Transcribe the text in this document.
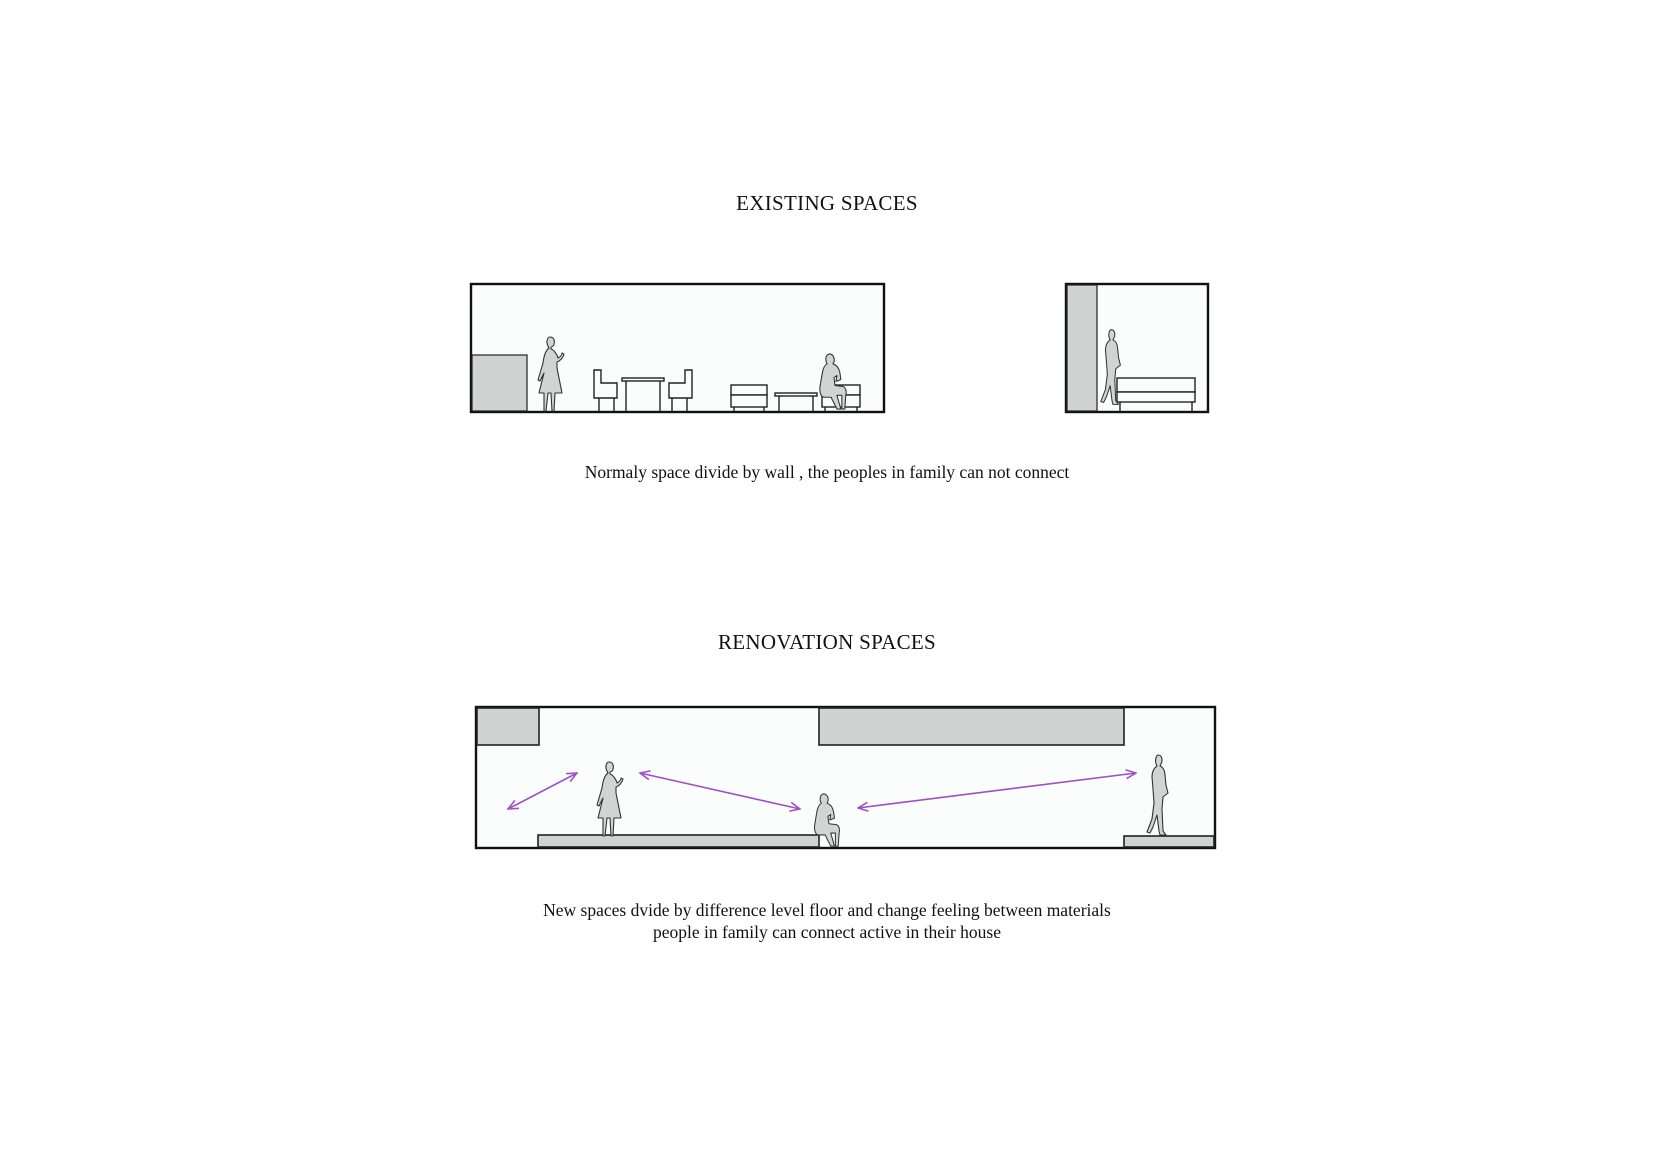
EXISTING SPACES
Normaly space divide by wall , the peoples in family can not connect
RENOVATION SPACES
New spaces dvide by difference level floor and change feeling between materials
people in family can connect active in their house
